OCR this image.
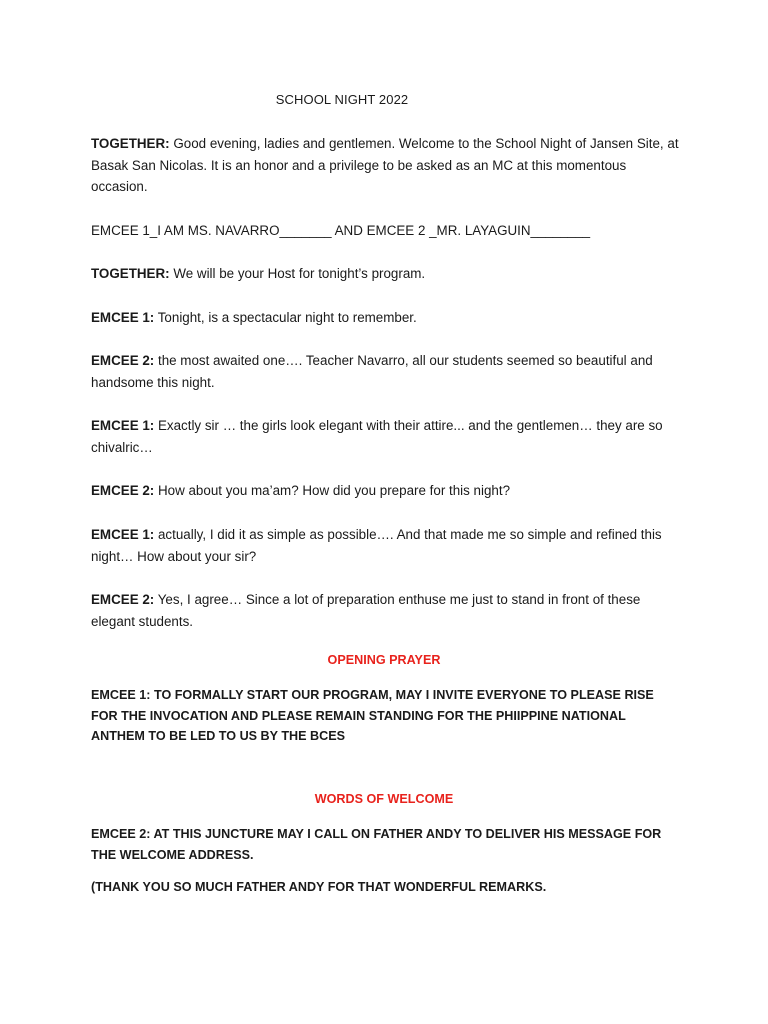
SCHOOL NIGHT 2022
TOGETHER: Good evening, ladies and gentlemen. Welcome to the School Night of Jansen Site, at Basak San Nicolas. It is an honor and a privilege to be asked as an MC at this momentous occasion.
EMCEE 1_I AM MS. NAVARRO_______ AND EMCEE 2 _MR. LAYAGUIN________
TOGETHER: We will be your Host for tonight’s program.
EMCEE 1: Tonight, is a spectacular night to remember.
EMCEE 2: the most awaited one…. Teacher Navarro, all our students seemed so beautiful and handsome this night.
EMCEE 1: Exactly sir … the girls look elegant with their attire... and the gentlemen… they are so chivalric…
EMCEE 2: How about you ma’am? How did you prepare for this night?
EMCEE 1: actually, I did it as simple as possible…. And that made me so simple and refined this night… How about your sir?
EMCEE 2: Yes, I agree… Since a lot of preparation enthuse me just to stand in front of these elegant students.
OPENING PRAYER
EMCEE 1: TO FORMALLY START OUR PROGRAM, MAY I INVITE EVERYONE TO PLEASE RISE FOR THE INVOCATION AND PLEASE REMAIN STANDING FOR THE PHIIPPINE NATIONAL ANTHEM TO BE LED TO US BY THE BCES
WORDS OF WELCOME
EMCEE 2: AT THIS JUNCTURE MAY I CALL ON FATHER ANDY TO DELIVER HIS MESSAGE FOR THE WELCOME ADDRESS.
(THANK YOU SO MUCH FATHER ANDY FOR THAT WONDERFUL REMARKS.
